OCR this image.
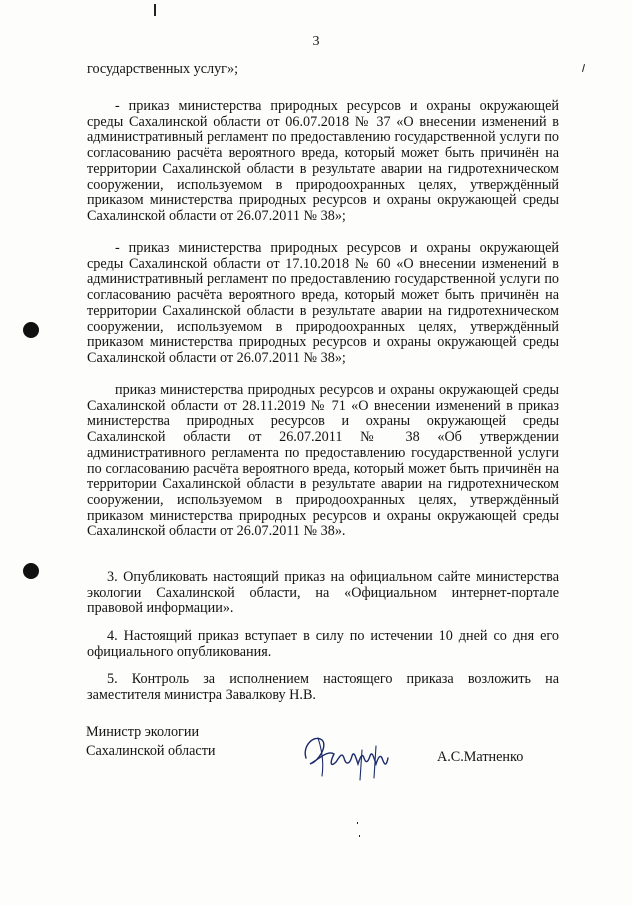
3
государственных услуг»;
- приказ министерства природных ресурсов и охраны окружающей среды Сахалинской области от 06.07.2018 № 37 «О внесении изменений в административный регламент по предоставлению государственной услуги по согласованию расчёта вероятного вреда, который может быть причинён на территории Сахалинской области в результате аварии на гидротехническом сооружении, используемом в природоохранных целях, утверждённый приказом министерства природных ресурсов и охраны окружающей среды Сахалинской области от 26.07.2011 № 38»;
- приказ министерства природных ресурсов и охраны окружающей среды Сахалинской области от 17.10.2018 № 60 «О внесении изменений в административный регламент по предоставлению государственной услуги по согласованию расчёта вероятного вреда, который может быть причинён на территории Сахалинской области в результате аварии на гидротехническом сооружении, используемом в природоохранных целях, утверждённый приказом министерства природных ресурсов и охраны окружающей среды Сахалинской области от 26.07.2011 № 38»;
приказ министерства природных ресурсов и охраны окружающей среды Сахалинской области от 28.11.2019 № 71 «О внесении изменений в приказ министерства природных ресурсов и охраны окружающей среды Сахалинской области от 26.07.2011 № 38 «Об утверждении административного регламента по предоставлению государственной услуги по согласованию расчёта вероятного вреда, который может быть причинён на территории Сахалинской области в результате аварии на гидротехническом сооружении, используемом в природоохранных целях, утверждённый приказом министерства природных ресурсов и охраны окружающей среды Сахалинской области от 26.07.2011 № 38».
3. Опубликовать настоящий приказ на официальном сайте министерства экологии Сахалинской области, на «Официальном интернет-портале правовой информации».
4. Настоящий приказ вступает в силу по истечении 10 дней со дня его официального опубликования.
5. Контроль за исполнением настоящего приказа возложить на заместителя министра Завалкову Н.В.
Министр экологии
Сахалинской области	А.С.Матненко
